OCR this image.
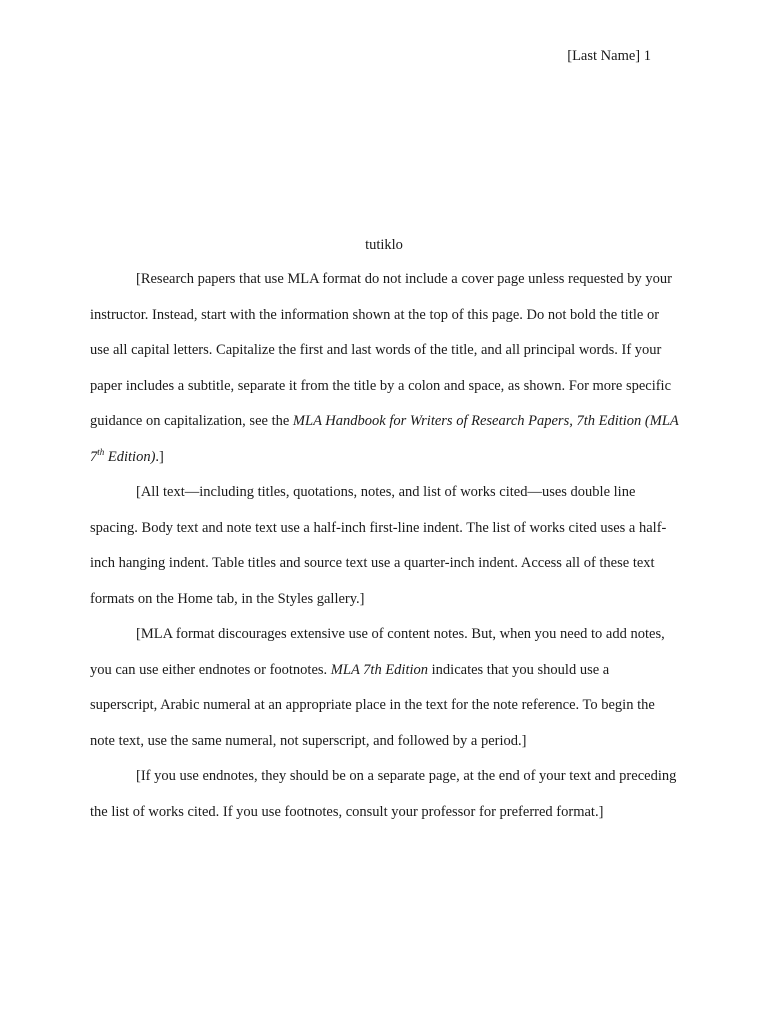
[Last Name] 1
tutiklo

[Research papers that use MLA format do not include a cover page unless requested by your instructor. Instead, start with the information shown at the top of this page. Do not bold the title or use all capital letters. Capitalize the first and last words of the title, and all principal words. If your paper includes a subtitle, separate it from the title by a colon and space, as shown. For more specific guidance on capitalization, see the MLA Handbook for Writers of Research Papers, 7th Edition (MLA 7th Edition).]

[All text—including titles, quotations, notes, and list of works cited—uses double line spacing. Body text and note text use a half-inch first-line indent. The list of works cited uses a half-inch hanging indent. Table titles and source text use a quarter-inch indent. Access all of these text formats on the Home tab, in the Styles gallery.]

[MLA format discourages extensive use of content notes. But, when you need to add notes, you can use either endnotes or footnotes. MLA 7th Edition indicates that you should use a superscript, Arabic numeral at an appropriate place in the text for the note reference. To begin the note text, use the same numeral, not superscript, and followed by a period.]

[If you use endnotes, they should be on a separate page, at the end of your text and preceding the list of works cited. If you use footnotes, consult your professor for preferred format.]
